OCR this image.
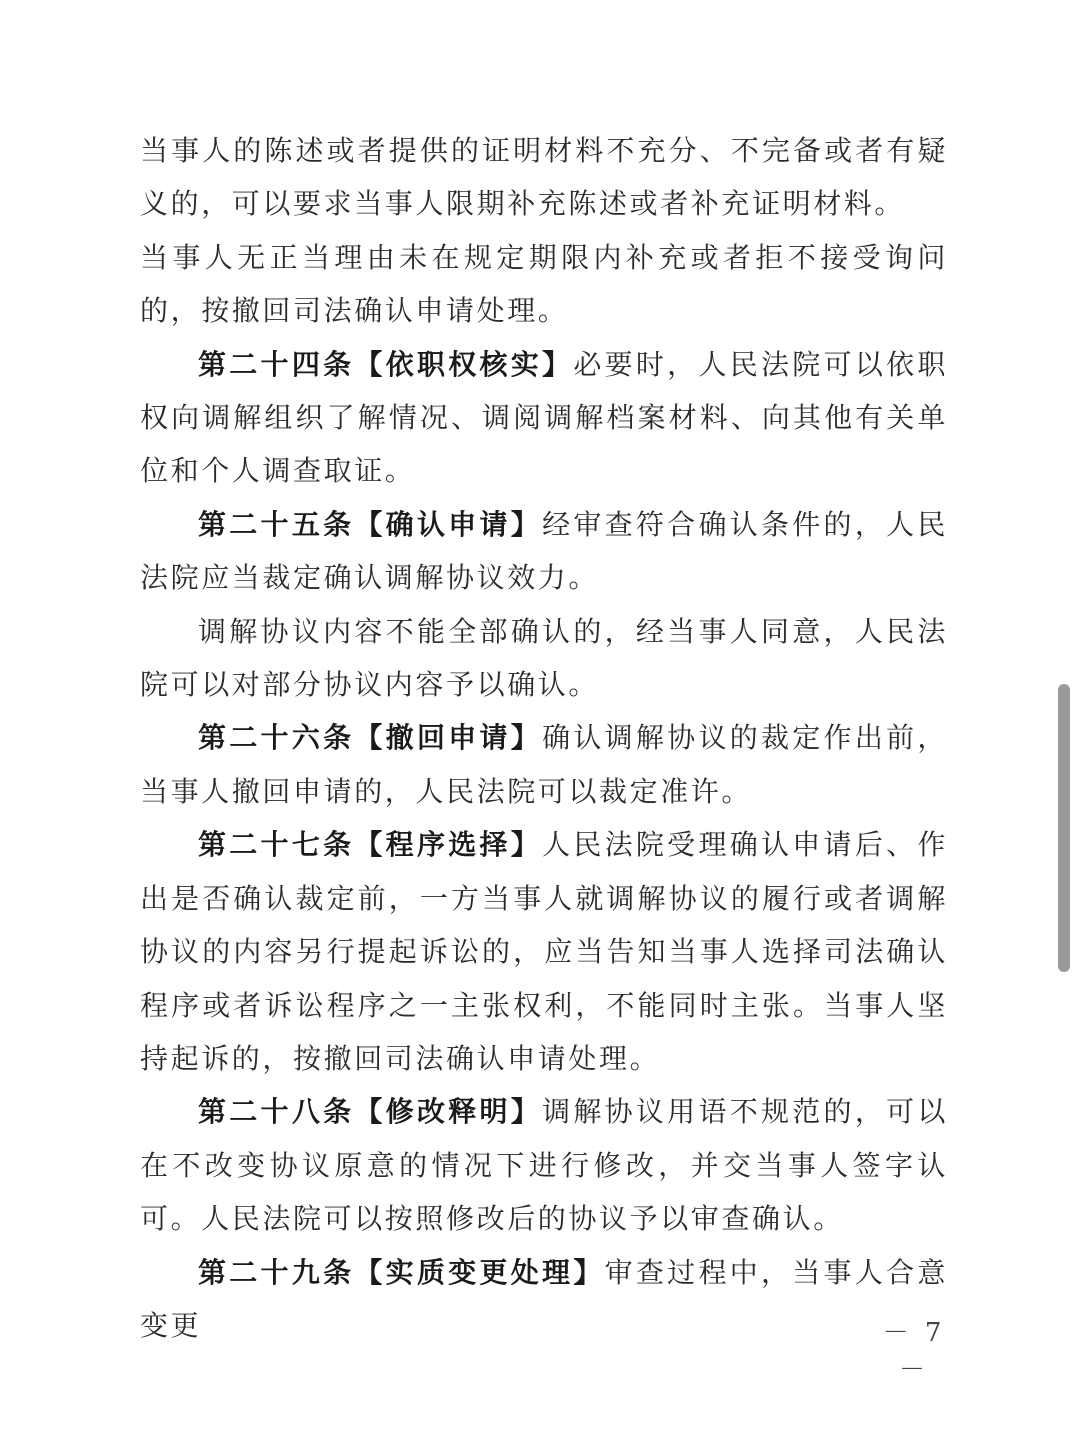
当事人的陈述或者提供的证明材料不充分、不完备或者有疑义的，可以要求当事人限期补充陈述或者补充证明材料。

当事人无正当理由未在规定期限内补充或者拒不接受询问的，按撤回司法确认申请处理。

第二十四条【依职权核实】必要时，人民法院可以依职权向调解组织了解情况、调阅调解档案材料、向其他有关单位和个人调查取证。

第二十五条【确认申请】经审查符合确认条件的，人民法院应当裁定确认调解协议效力。

调解协议内容不能全部确认的，经当事人同意，人民法院可以对部分协议内容予以确认。

第二十六条【撤回申请】确认调解协议的裁定作出前，当事人撤回申请的，人民法院可以裁定准许。

第二十七条【程序选择】人民法院受理确认申请后、作出是否确认裁定前，一方当事人就调解协议的履行或者调解协议的内容另行提起诉讼的，应当告知当事人选择司法确认程序或者诉讼程序之一主张权利，不能同时主张。当事人坚持起诉的，按撤回司法确认申请处理。

第二十八条【修改释明】调解协议用语不规范的，可以在不改变协议原意的情况下进行修改，并交当事人签字认可。人民法院可以按照修改后的协议予以审查确认。

第二十九条【实质变更处理】审查过程中，当事人合意变更	－ 7 －
